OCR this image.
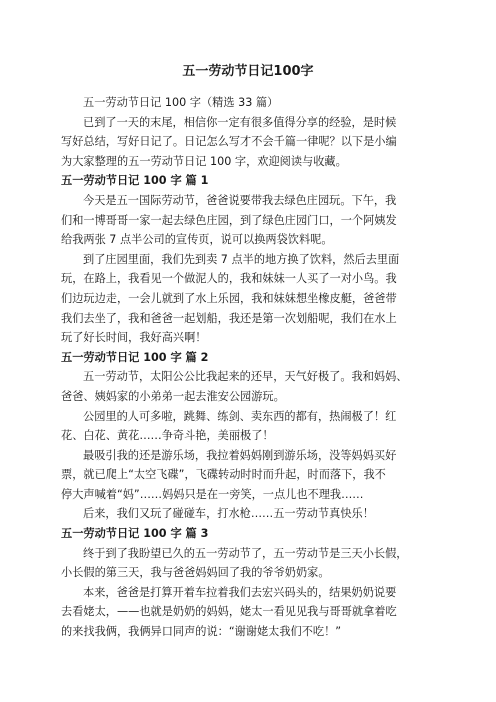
五一劳动节日记100字
五一劳动节日记 100 字（精选 33 篇）
已到了一天的末尾，相信你一定有很多值得分享的经验，是时候
写好总结，写好日记了。日记怎么写才不会千篇一律呢？以下是小编
为大家整理的五一劳动节日记 100 字，欢迎阅读与收藏。
五一劳动节日记 100 字 篇 1
今天是五一国际劳动节，爸爸说要带我去绿色庄园玩。下午，我
们和一博哥哥一家一起去绿色庄园，到了绿色庄园门口，一个阿姨发
给我两张 7 点半公司的宣传页，说可以换两袋饮料呢。
到了庄园里面，我们先到卖 7 点半的地方换了饮料，然后去里面
玩，在路上，我看见一个做泥人的，我和妹妹一人买了一对小鸟。我
们边玩边走，一会儿就到了水上乐园，我和妹妹想坐橡皮艇，爸爸带
我们去坐了，我和爸爸一起划船，我还是第一次划船呢，我们在水上
玩了好长时间，我好高兴啊！
五一劳动节日记 100 字 篇 2
五一劳动节，太阳公公比我起来的还早，天气好极了。我和妈妈、
爸爸、姨妈家的小弟弟一起去淮安公园游玩。
公园里的人可多啦，跳舞、练剑、卖东西的都有，热闹极了！红
花、白花、黄花……争奇斗艳，美丽极了！
最吸引我的还是游乐场，我拉着妈妈刚到游乐场，没等妈妈买好
票，就已爬上“太空飞碟”，飞碟转动时时而升起，时而落下，我不
停大声喊着“妈”……妈妈只是在一旁笑，一点儿也不理我……
后来，我们又玩了碰碰车，打水枪……五一劳动节真快乐！
五一劳动节日记 100 字 篇 3
终于到了我盼望已久的五一劳动节了，五一劳动节是三天小长假，
小长假的第三天，我与爸爸妈妈回了我的爷爷奶奶家。
本来，爸爸是打算开着车拉着我们去宏兴码头的，结果奶奶说要
去看姥太，——也就是奶奶的妈妈，姥太一看见见我与哥哥就拿着吃
的来找我俩，我俩异口同声的说：“谢谢姥太我们不吃！”
